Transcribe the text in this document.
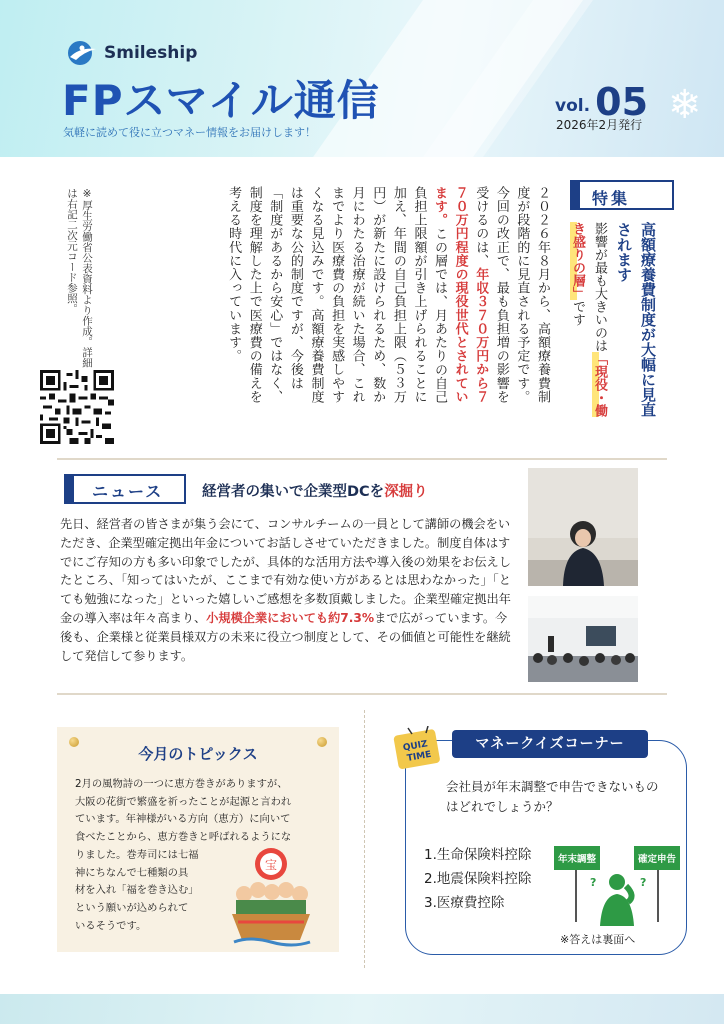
Smileship
FPスマイル通信
気軽に読めて役に立つマネー情報をお届けします！
vol. 05
2026年2月発行 ❄
特集
高額療養費制度が大幅に見直されます
影響が最も大きいのは「現役・働き盛りの層」です
２０２６年８月から、高額療養費制度が段階的に見直される予定です。今回の改正で、最も負担増の影響を受けるのは、年収３７０万円から７７０万円程度の現役世代とされています。この層では、月あたりの自己負担上限額が引き上げられることに加え、年間の自己負担上限（５３万円）が新たに設けられるため、数か月にわたる治療が続いた場合、これまでより医療費の負担を実感しやすくなる見込みです。高額療養費制度は重要な公的制度ですが、今後は「制度があるから安心」ではなく、制度を理解した上で医療費の備えを考える時代に入っています。
※厚生労働省公表資料より作成。詳細は右記二次元コード参照。
ニュース	経営者の集いで企業型DCを深掘り
先日、経営者の皆さまが集う会にて、コンサルチームの一員として講師の機会をいただき、企業型確定拠出年金についてお話しさせていただきました。制度自体はすでにご存知の方も多い印象でしたが、具体的な活用方法や導入後の効果をお伝えしたところ、「知ってはいたが、ここまで有効な使い方があるとは思わなかった」「とても勉強になった」といった嬉しいご感想を多数頂戴しました。企業型確定拠出年金の導入率は年々高まり、小規模企業においても約7.3%まで広がっています。今後も、企業様と従業員様双方の未来に役立つ制度として、その価値と可能性を継続して発信して参ります。
今月のトピックス
2月の風物詩の一つに恵方巻きがありますが、
大阪の花街で繁盛を祈ったことが起源と言われ
ています。年神様がいる方向（恵方）に向いて
食べたことから、恵方巻きと呼ばれるようにな
りました。巻寿司には七福
神にちなんで七種類の具
材を入れ「福を巻き込む」
という願いが込められて
いるそうです。
宝
マネークイズコーナー
QUIZ
TIME
会社員が年末調整で申告できないものはどれでしょうか？
1.生命保険料控除
2.地震保険料控除
3.医療費控除
年末調整	確定申告
?	?
※答えは裏面へ
